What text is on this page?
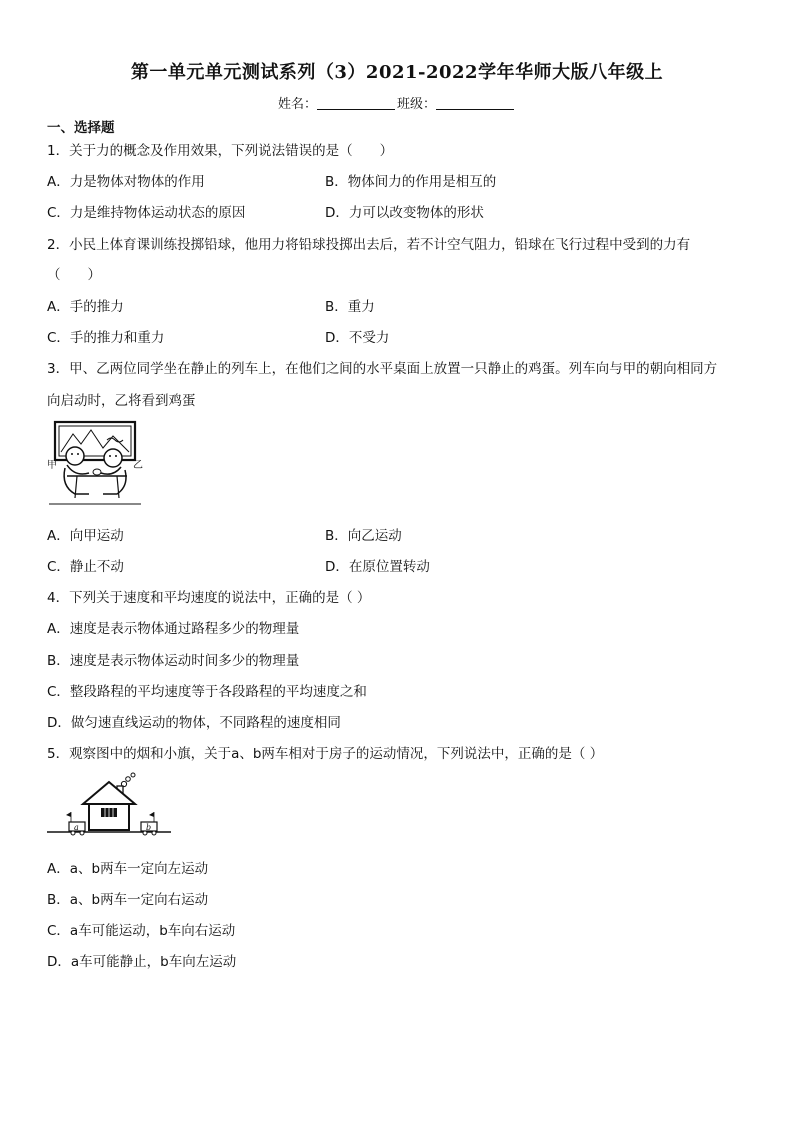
第一单元单元测试系列（3）2021-2022学年华师大版八年级上
姓名：	班级：
一、选择题
1．关于力的概念及作用效果，下列说法错误的是（　　）
A．力是物体对物体的作用	B．物体间力的作用是相互的
C．力是维持物体运动状态的原因	D．力可以改变物体的形状
2．小民上体育课训练投掷铅球，他用力将铅球投掷出去后，若不计空气阻力，铅球在飞行过程中受到的力有
（　　）
A．手的推力	B．重力
C．手的推力和重力	D．不受力
3．甲、乙两位同学坐在静止的列车上，在他们之间的水平桌面上放置一只静止的鸡蛋。列车向与甲的朝向相同方
向启动时，乙将看到鸡蛋
甲	乙
A．向甲运动	B．向乙运动
C．静止不动	D．在原位置转动
4．下列关于速度和平均速度的说法中，正确的是（ ）
A．速度是表示物体通过路程多少的物理量
B．速度是表示物体运动时间多少的物理量
C．整段路程的平均速度等于各段路程的平均速度之和
D．做匀速直线运动的物体，不同路程的速度相同
5．观察图中的烟和小旗，关于a、b两车相对于房子的运动情况，下列说法中，正确的是（ ）
a	b
A．a、b两车一定向左运动
B．a、b两车一定向右运动
C．a车可能运动，b车向右运动
D．a车可能静止，b车向左运动
